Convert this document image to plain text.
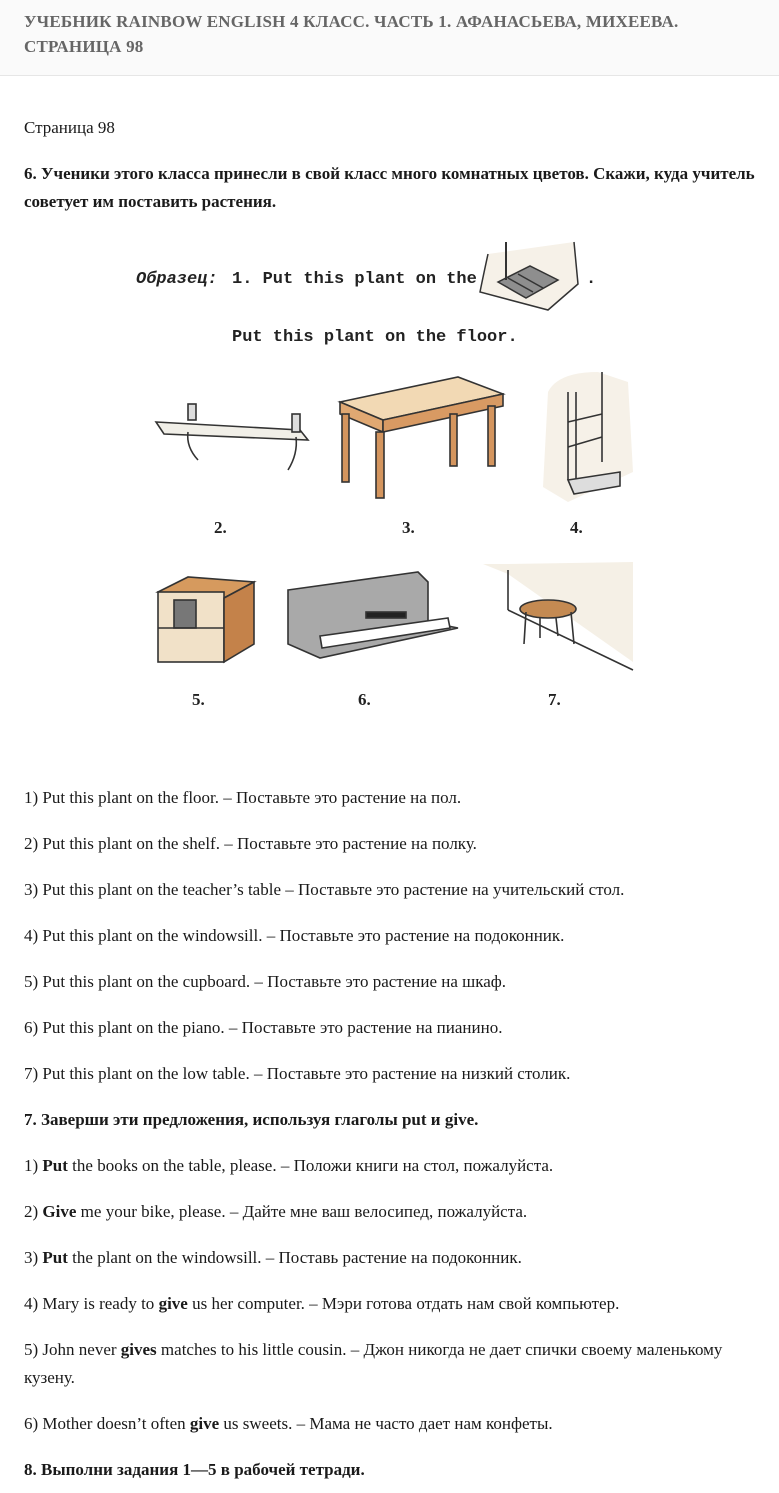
УЧЕБНИК RAINBOW ENGLISH 4 КЛАСС. ЧАСТЬ 1. АФАНАСЬЕВА, МИХЕЕВА. СТРАНИЦА 98

Страница 98

6. Ученики этого класса принесли в свой класс много комнатных цветов. Скажи, куда учитель советует им поставить растения.

Образец: 1. Put this plant on the	.
Put this plant on the floor.
2.	3.	4.
5.	6.	7.

1) Put this plant on the floor. – Поставьте это растение на пол.

2) Put this plant on the shelf. – Поставьте это растение на полку.

3) Put this plant on the teacher’s table – Поставьте это растение на учительский стол.

4) Put this plant on the windowsill. – Поставьте это растение на подоконник.

5) Put this plant on the cupboard. – Поставьте это растение на шкаф.

6) Put this plant on the piano. – Поставьте это растение на пианино.

7) Put this plant on the low table. – Поставьте это растение на низкий столик.

7. Заверши эти предложения, используя глаголы put и give.

1) Put the books on the table, please. – Положи книги на стол, пожалуйста.

2) Give me your bike, please. – Дайте мне ваш велосипед, пожалуйста.

3) Put the plant on the windowsill. – Поставь растение на подоконник.

4) Mary is ready to give us her computer. – Мэри готова отдать нам свой компьютер.

5) John never gives matches to his little cousin. – Джон никогда не дает спички своему маленькому кузену.

6) Mother doesn’t often give us sweets. – Мама не часто дает нам конфеты.

8. Выполни задания 1—5 в рабочей тетради.
